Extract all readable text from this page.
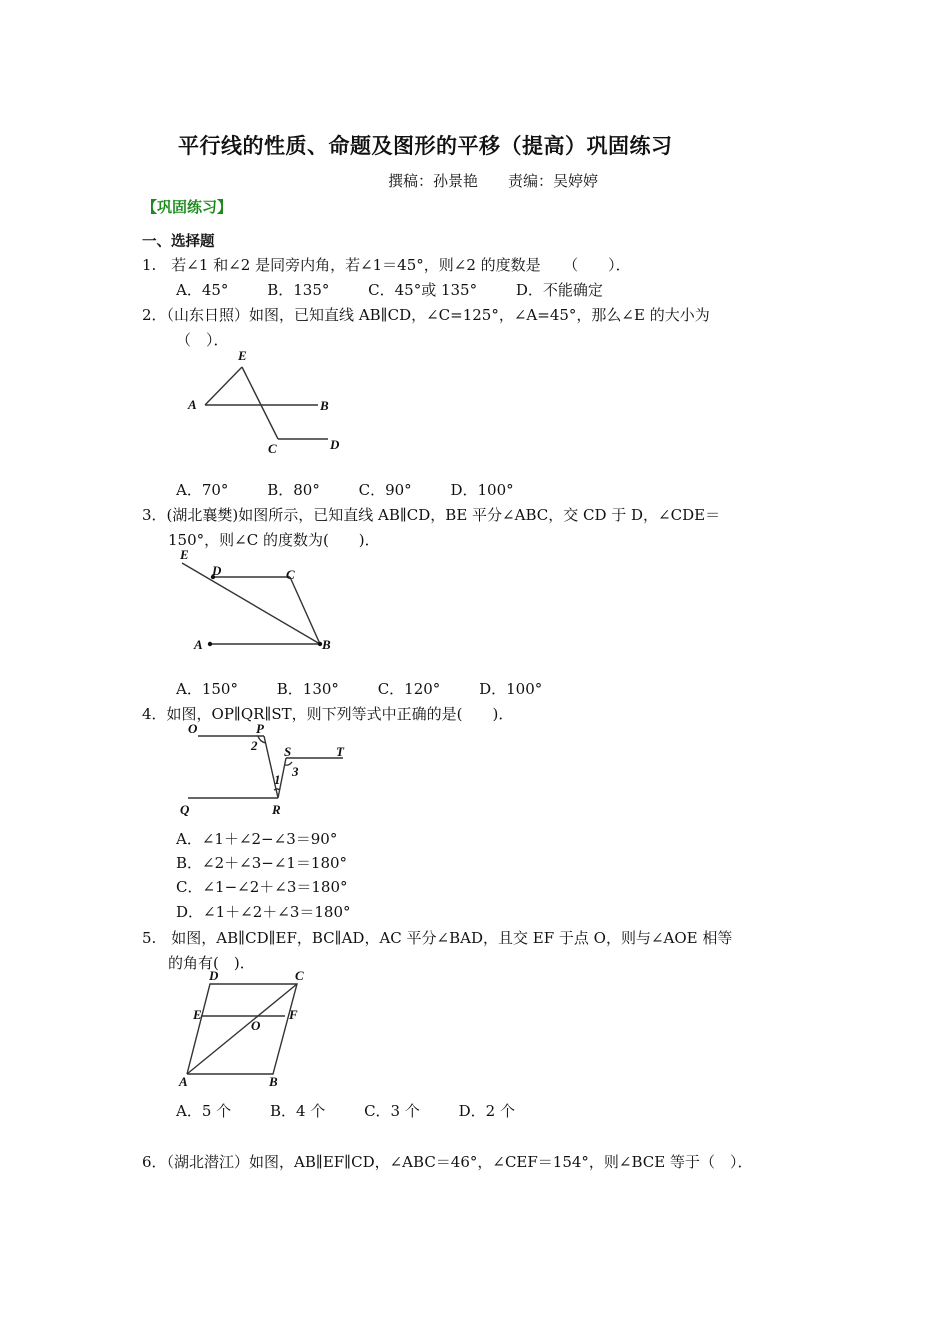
平行线的性质、命题及图形的平移（提高）巩固练习
撰稿：孙景艳　　责编：吴婷婷
【巩固练习】
一、选择题
1.　若∠1 和∠2 是同旁内角，若∠1＝45°，则∠2 的度数是　　（　　）．
A．45°	B．135°	C．45°或 135°	D．不能确定
2．（山东日照）如图，已知直线 AB∥CD，∠C=125°，∠A=45°，那么∠E 的大小为
（　）．
E
A	B
C	D
A．70°	B．80°	C．90°	D．100°
3．(湖北襄樊)如图所示，已知直线 AB∥CD，BE 平分∠ABC，交 CD 于 D，∠CDE＝
150°，则∠C 的度数为(　　)．
E
D	C
A	B
A．150°	B．130°	C．120°	D．100°
4．如图，OP∥QR∥ST，则下列等式中正确的是(　　)．
O	P
2 S	T
3
1
Q	R
A．∠1＋∠2−∠3＝90°
B．∠2＋∠3−∠1＝180°
C．∠1−∠2＋∠3＝180°
D．∠1＋∠2＋∠3＝180°
5.　如图，AB∥CD∥EF，BC∥AD，AC 平分∠BAD，且交 EF 于点 O，则与∠AOE 相等
的角有(　)．
D	C
E
O
F
A	B
A．5 个	B．4 个	C．3 个	D．2 个
6．（湖北潜江）如图，AB∥EF∥CD，∠ABC＝46°，∠CEF＝154°，则∠BCE 等于（　）．
